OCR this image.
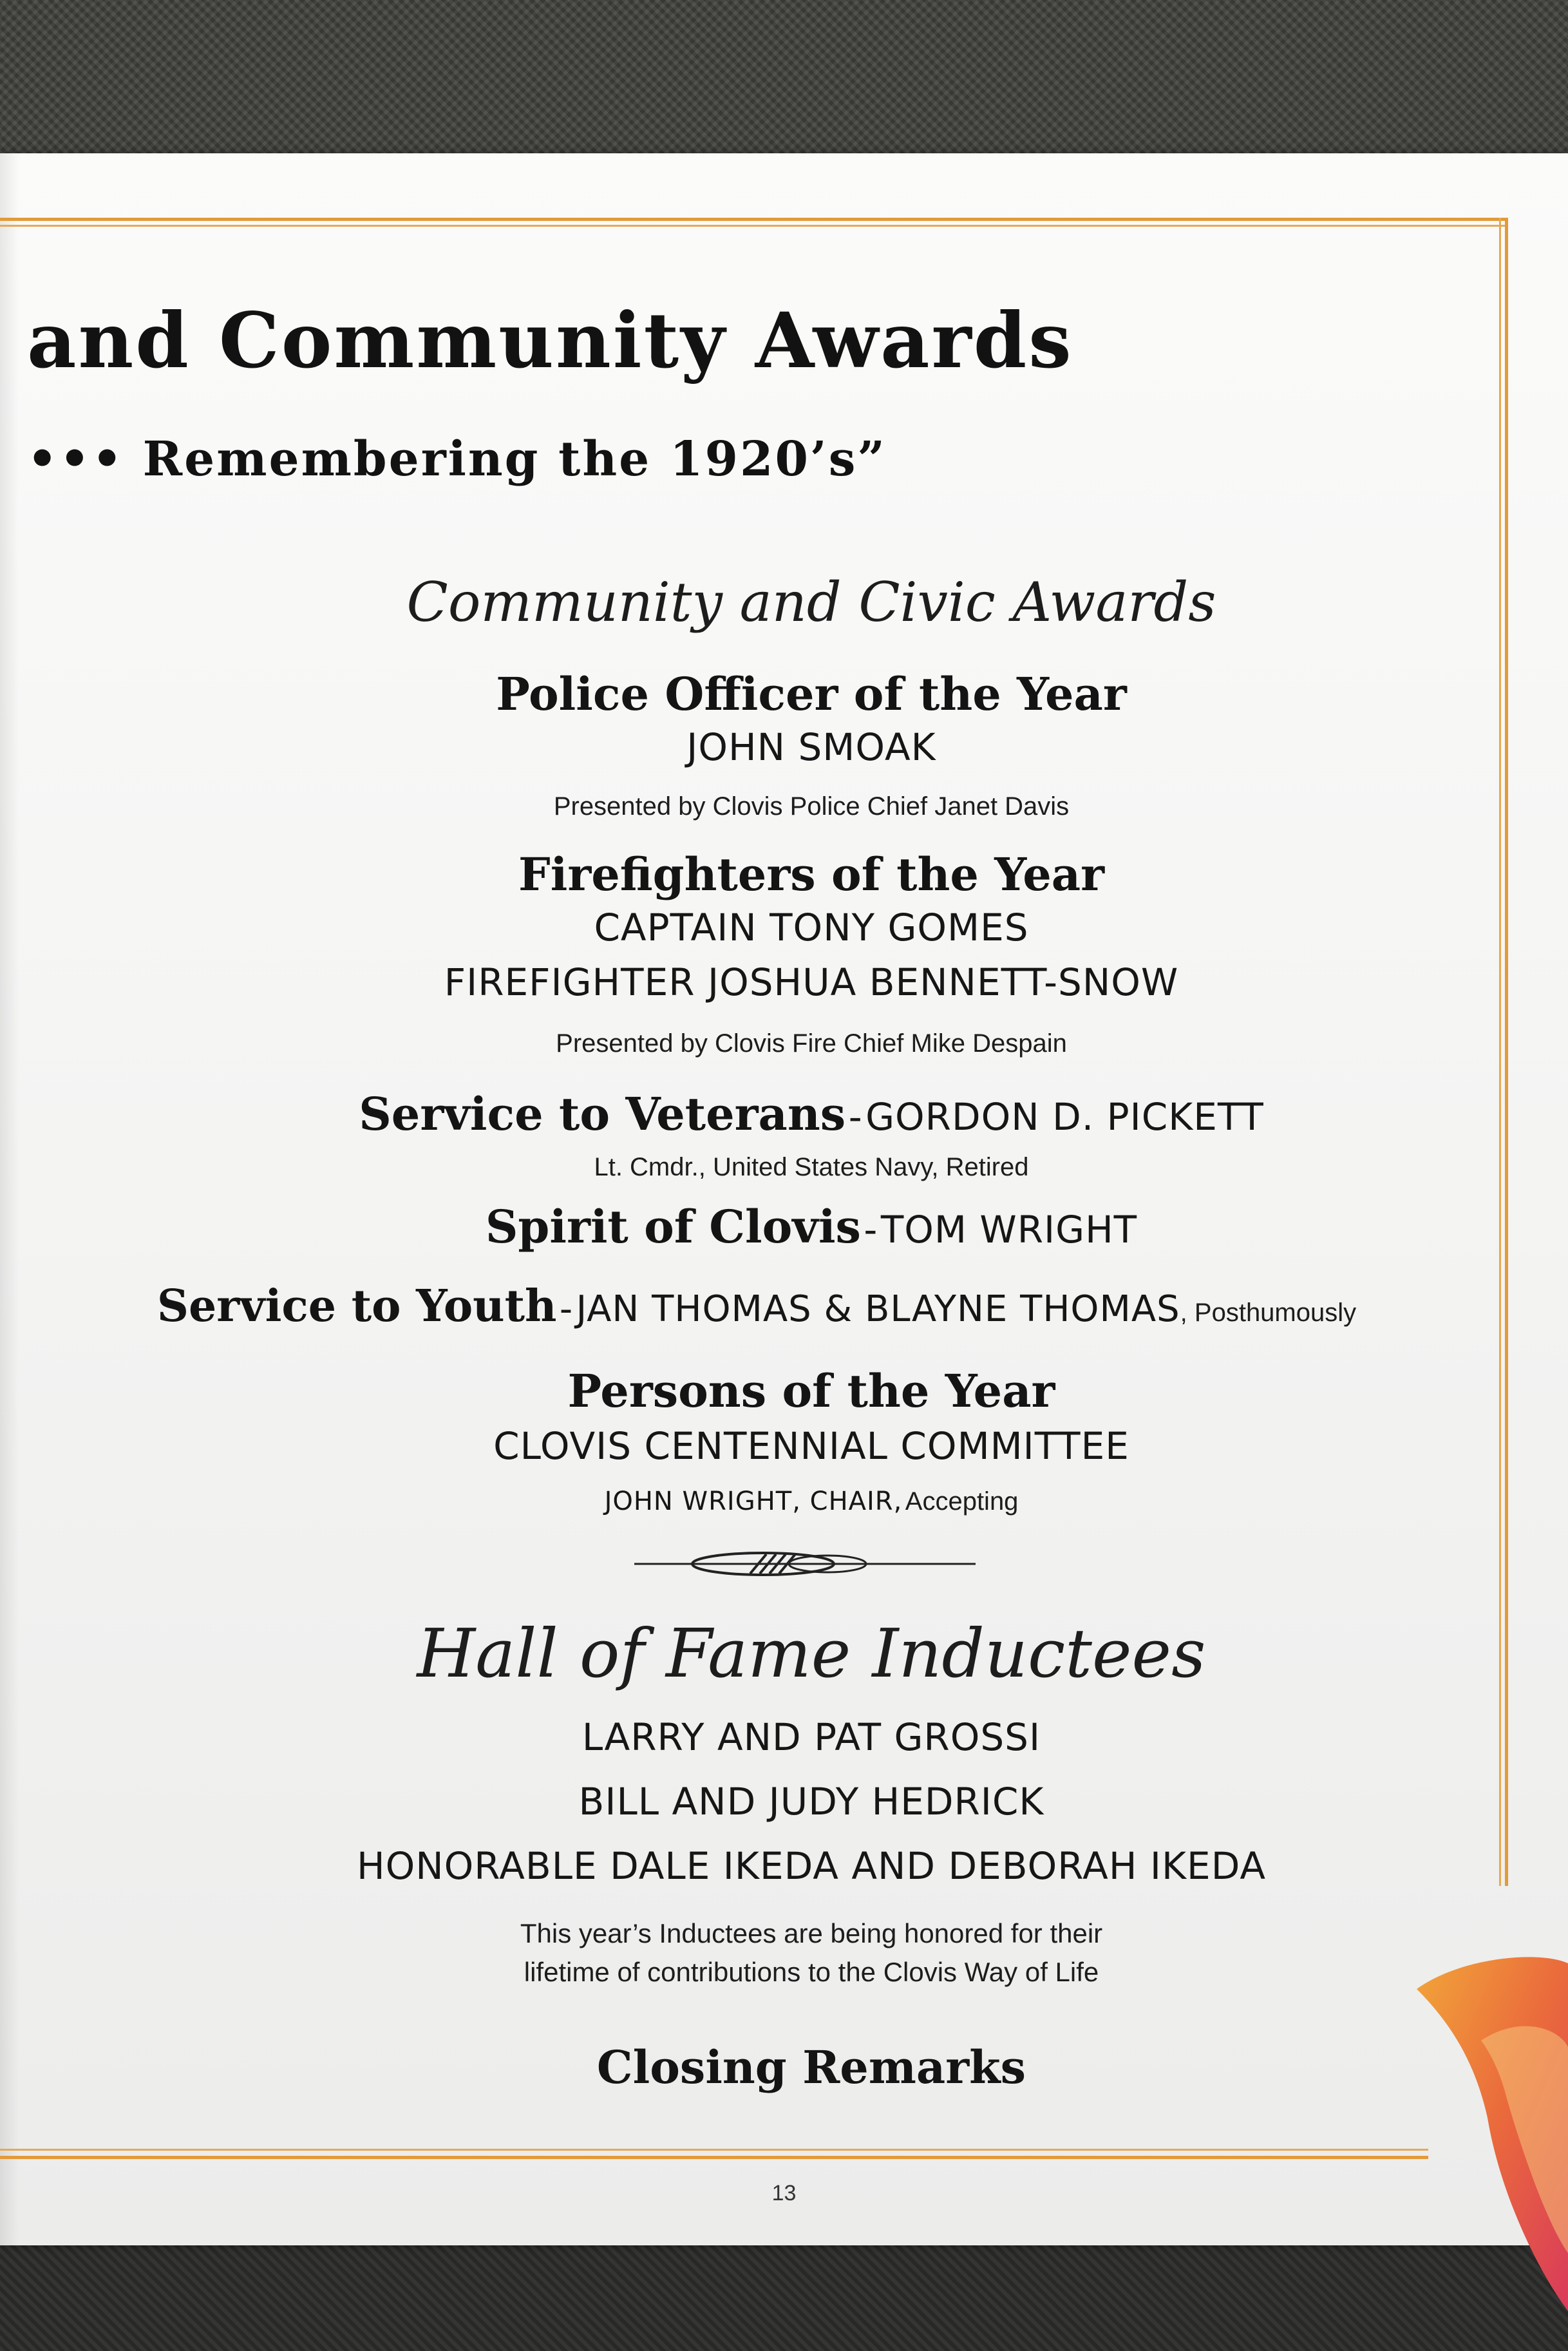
and Community Awards
••• Remembering the 1920’s”
Community and Civic Awards
Police Officer of the Year
JOHN SMOAK
Presented by Clovis Police Chief Janet Davis
Firefighters of the Year
CAPTAIN TONY GOMES
FIREFIGHTER JOSHUA BENNETT-SNOW
Presented by Clovis Fire Chief Mike Despain
Service to Veterans - GORDON D. PICKETT
Lt. Cmdr., United States Navy, Retired
Spirit of Clovis - TOM WRIGHT
Service to Youth - JAN THOMAS & BLAYNE THOMAS, Posthumously
Persons of the Year
CLOVIS CENTENNIAL COMMITTEE
JOHN WRIGHT, CHAIR, Accepting
Hall of Fame Inductees
LARRY AND PAT GROSSI
BILL AND JUDY HEDRICK
HONORABLE DALE IKEDA AND DEBORAH IKEDA
This year’s Inductees are being honored for their
lifetime of contributions to the Clovis Way of Life
Closing Remarks
13
